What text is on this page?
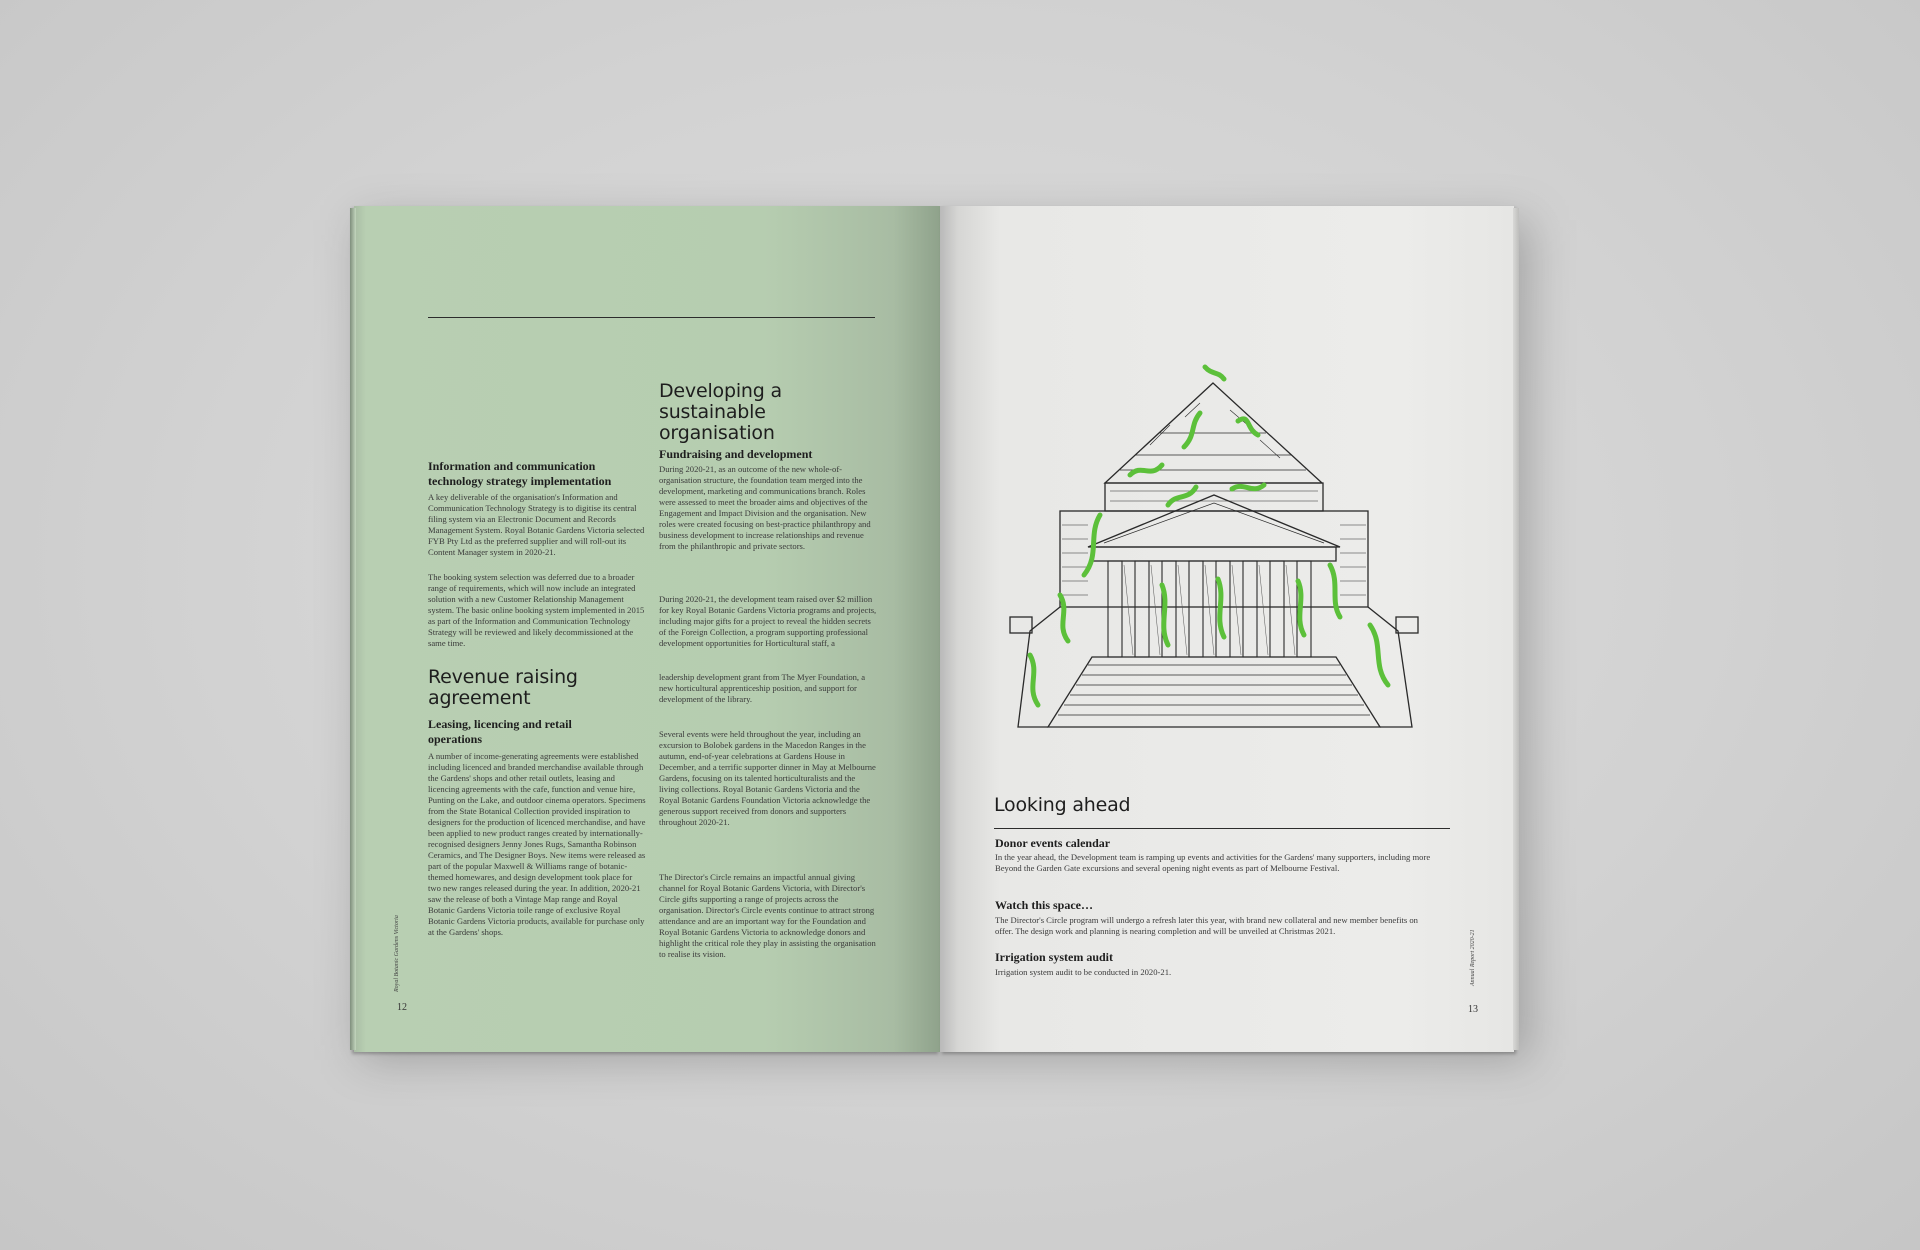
Information and communication technology strategy implementation

A key deliverable of the organisation's Information and Communication Technology Strategy is to digitise its central filing system via an Electronic Document and Records Management System. Royal Botanic Gardens Victoria selected FYB Pty Ltd as the preferred supplier and will roll-out its Content Manager system in 2020-21.

The booking system selection was deferred due to a broader range of requirements, which will now include an integrated solution with a new Customer Relationship Management system. The basic online booking system implemented in 2015 as part of the Information and Communication Technology Strategy will be reviewed and likely decommissioned at the same time.

Revenue raising agreement
Leasing, licencing and retail operations

A number of income-generating agreements were established including licenced and branded merchandise available through the Gardens' shops and other retail outlets, leasing and licencing agreements with the cafe, function and venue hire, Punting on the Lake, and outdoor cinema operators. Specimens from the State Botanical Collection provided inspiration to designers for the production of licenced merchandise, and have been applied to new product ranges created by internationally-recognised designers Jenny Jones Rugs, Samantha Robinson Ceramics, and The Designer Boys. New items were released as part of the popular Maxwell & Williams range of botanic-themed homewares, and design development took place for two new ranges released during the year. In addition, 2020-21 saw the release of both a Vintage Map range and Royal Botanic Gardens Victoria toile range of exclusive Royal Botanic Gardens Victoria products, available for purchase only at the Gardens' shops.

Developing a sustainable organisation
Fundraising and development

During 2020-21, as an outcome of the new whole-of-organisation structure, the foundation team merged into the development, marketing and communications branch. Roles were assessed to meet the broader aims and objectives of the Engagement and Impact Division and the organisation. New roles were created focusing on best-practice philanthropy and business development to increase relationships and revenue from the philanthropic and private sectors.

During 2020-21, the development team raised over $2 million for key Royal Botanic Gardens Victoria programs and projects, including major gifts for a project to reveal the hidden secrets of the Foreign Collection, a program supporting professional development opportunities for Horticultural staff, a

leadership development grant from The Myer Foundation, a new horticultural apprenticeship position, and support for development of the library.

Several events were held throughout the year, including an excursion to Bolobek gardens in the Macedon Ranges in the autumn, end-of-year celebrations at Gardens House in December, and a terrific supporter dinner in May at Melbourne Gardens, focusing on its talented horticulturalists and the living collections. Royal Botanic Gardens Victoria and the Royal Botanic Gardens Foundation Victoria acknowledge the generous support received from donors and supporters throughout 2020-21.

The Director's Circle remains an impactful annual giving channel for Royal Botanic Gardens Victoria, with Director's Circle gifts supporting a range of projects across the organisation. Director's Circle events continue to attract strong attendance and are an important way for the Foundation and Royal Botanic Gardens Victoria to acknowledge donors and highlight the critical role they play in assisting the organisation to realise its vision.

Royal Botanic Gardens Victoria
12
Looking ahead
Donor events calendar

In the year ahead, the Development team is ramping up events and activities for the Gardens' many supporters, including more Beyond the Garden Gate excursions and several opening night events as part of Melbourne Festival.

Watch this space…

The Director's Circle program will undergo a refresh later this year, with brand new collateral and new member benefits on offer. The design work and planning is nearing completion and will be unveiled at Christmas 2021.

Irrigation system audit

Irrigation system audit to be conducted in 2020-21.	Annual Report 2020-21
13
